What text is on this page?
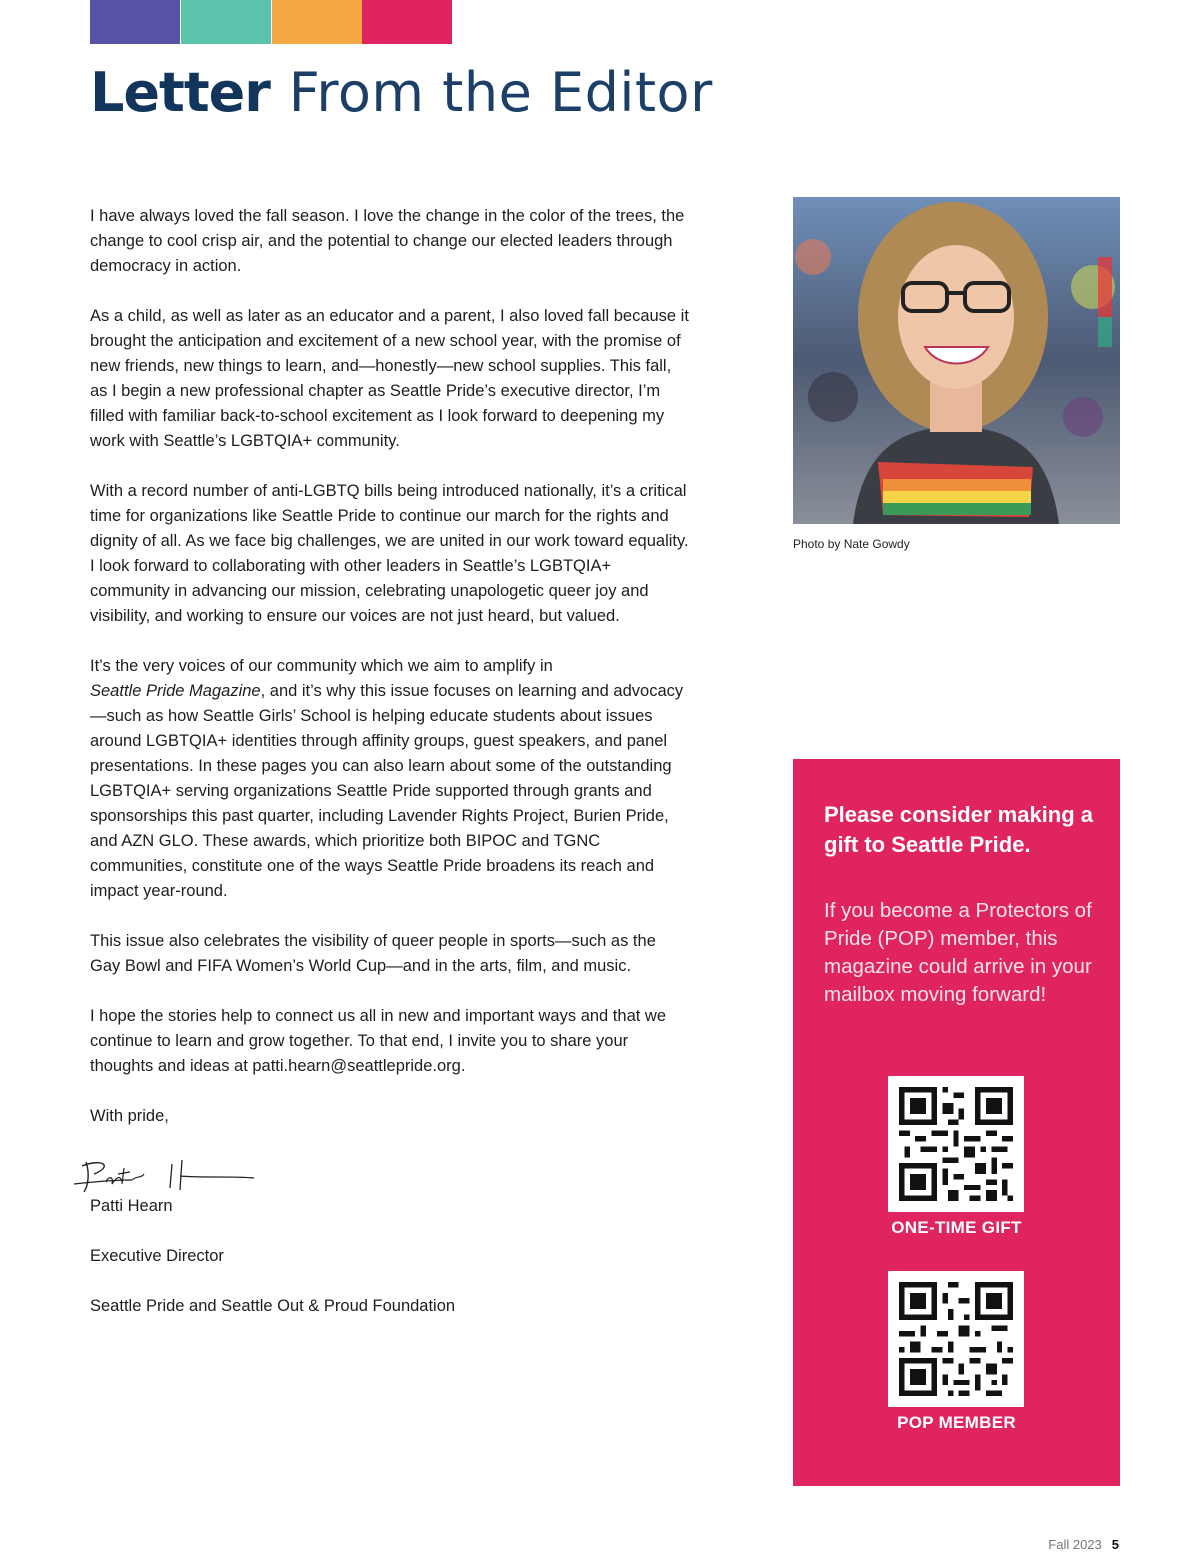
Letter From the Editor

I have always loved the fall season. I love the change in the color of the trees, the change to cool crisp air, and the potential to change our elected leaders through democracy in action.

As a child, as well as later as an educator and a parent, I also loved fall because it brought the anticipation and excitement of a new school year, with the promise of new friends, new things to learn, and—honestly—new school supplies. This fall, as I begin a new professional chapter as Seattle Pride’s executive director, I’m filled with familiar back-to-school excitement as I look forward to deepening my work with Seattle’s LGBTQIA+ community.

With a record number of anti-LGBTQ bills being introduced nationally, it’s a critical time for organizations like Seattle Pride to continue our march for the rights and dignity of all. As we face big challenges, we are united in our work toward equality. I look forward to collaborating with other leaders in Seattle’s LGBTQIA+ community in advancing our mission, celebrating unapologetic queer joy and visibility, and working to ensure our voices are not just heard, but valued.

It’s the very voices of our community which we aim to amplify in
Seattle Pride Magazine, and it’s why this issue focuses on learning and advocacy—such as how Seattle Girls’ School is helping educate students about issues around LGBTQIA+ identities through affinity groups, guest speakers, and panel presentations. In these pages you can also learn about some of the outstanding LGBTQIA+ serving organizations Seattle Pride supported through grants and sponsorships this past quarter, including Lavender Rights Project, Burien Pride, and AZN GLO. These awards, which prioritize both BIPOC and TGNC communities, constitute one of the ways Seattle Pride broadens its reach and impact year-round.

This issue also celebrates the visibility of queer people in sports—such as the Gay Bowl and FIFA Women’s World Cup—and in the arts, film, and music.

I hope the stories help to connect us all in new and important ways and that we continue to learn and grow together. To that end, I invite you to share your thoughts and ideas at patti.hearn@seattlepride.org.

With pride,

Patti Hearn

Executive Director

Seattle Pride and Seattle Out & Proud Foundation

Photo by Nate Gowdy
Please consider making a gift to Seattle Pride.
If you become a Protectors of Pride (POP) member, this magazine could arrive in your mailbox moving forward!
ONE-TIME GIFT
POP MEMBER
Fall 2023 5
